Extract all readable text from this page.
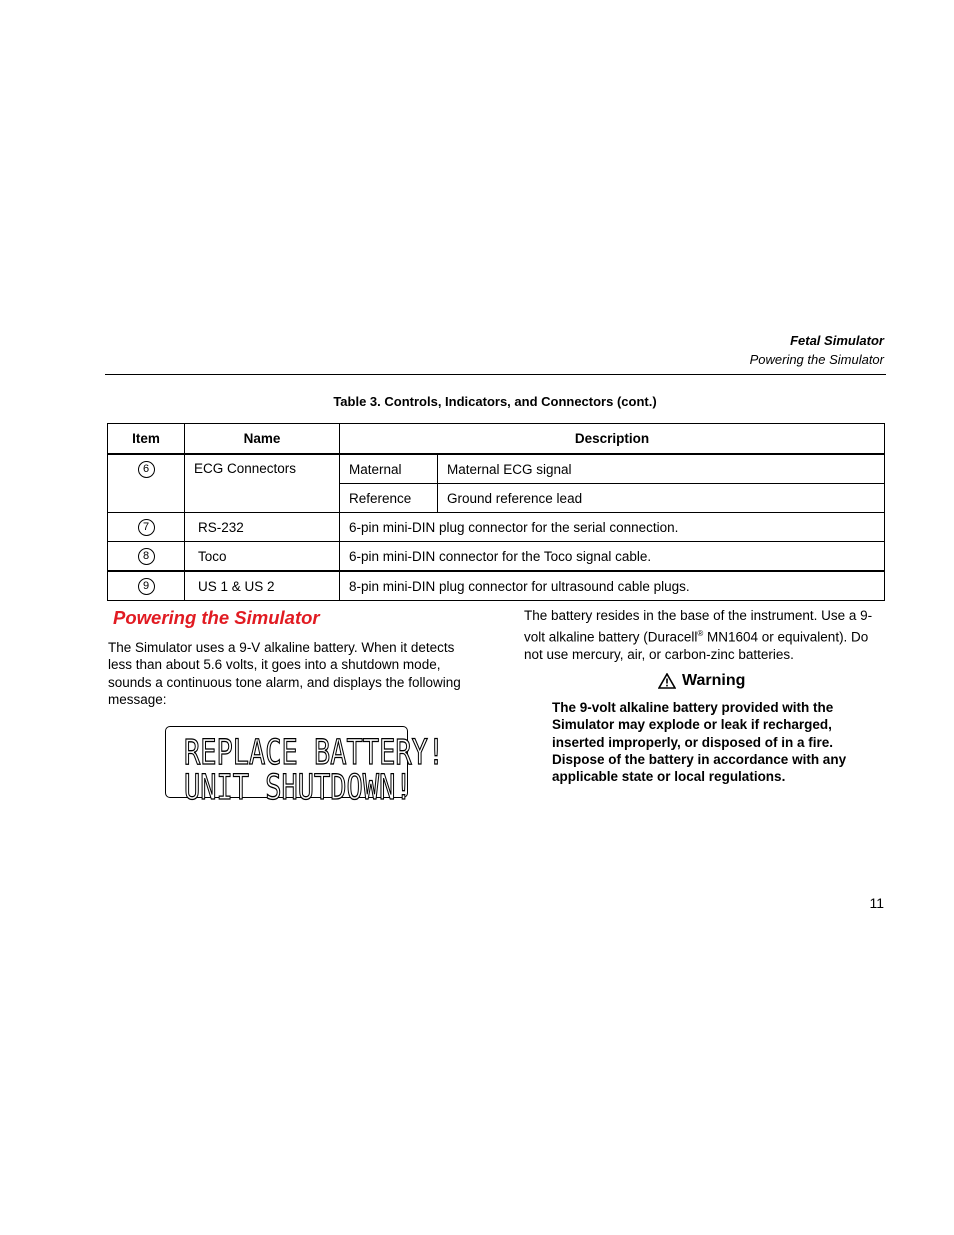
Fetal Simulator
Powering the Simulator
Table 3. Controls, Indicators, and Connectors (cont.)
Item	Name	Description	
6	ECG Connectors	Maternal	Maternal ECG signal
		Reference	Ground reference lead
7	RS-232	6-pin mini-DIN plug connector for the serial connection.	
8	Toco	6-pin mini-DIN connector for the Toco signal cable.	
9	US 1 & US 2	8-pin mini-DIN plug connector for ultrasound cable plugs.	
Powering the Simulator
The Simulator uses a 9-V alkaline battery. When it detects less than about 5.6 volts, it goes into a shutdown mode, sounds a continuous tone alarm, and displays the following message:
REPLACE BATTERY!
UNIT SHUTDOWN!
The battery resides in the base of the instrument. Use a 9-volt alkaline battery (Duracell® MN1604 or equivalent). Do not use mercury, air, or carbon-zinc batteries.
Warning
The 9-volt alkaline battery provided with the Simulator may explode or leak if recharged, inserted improperly, or disposed of in a fire. Dispose of the battery in accordance with any applicable state or local regulations.
11
